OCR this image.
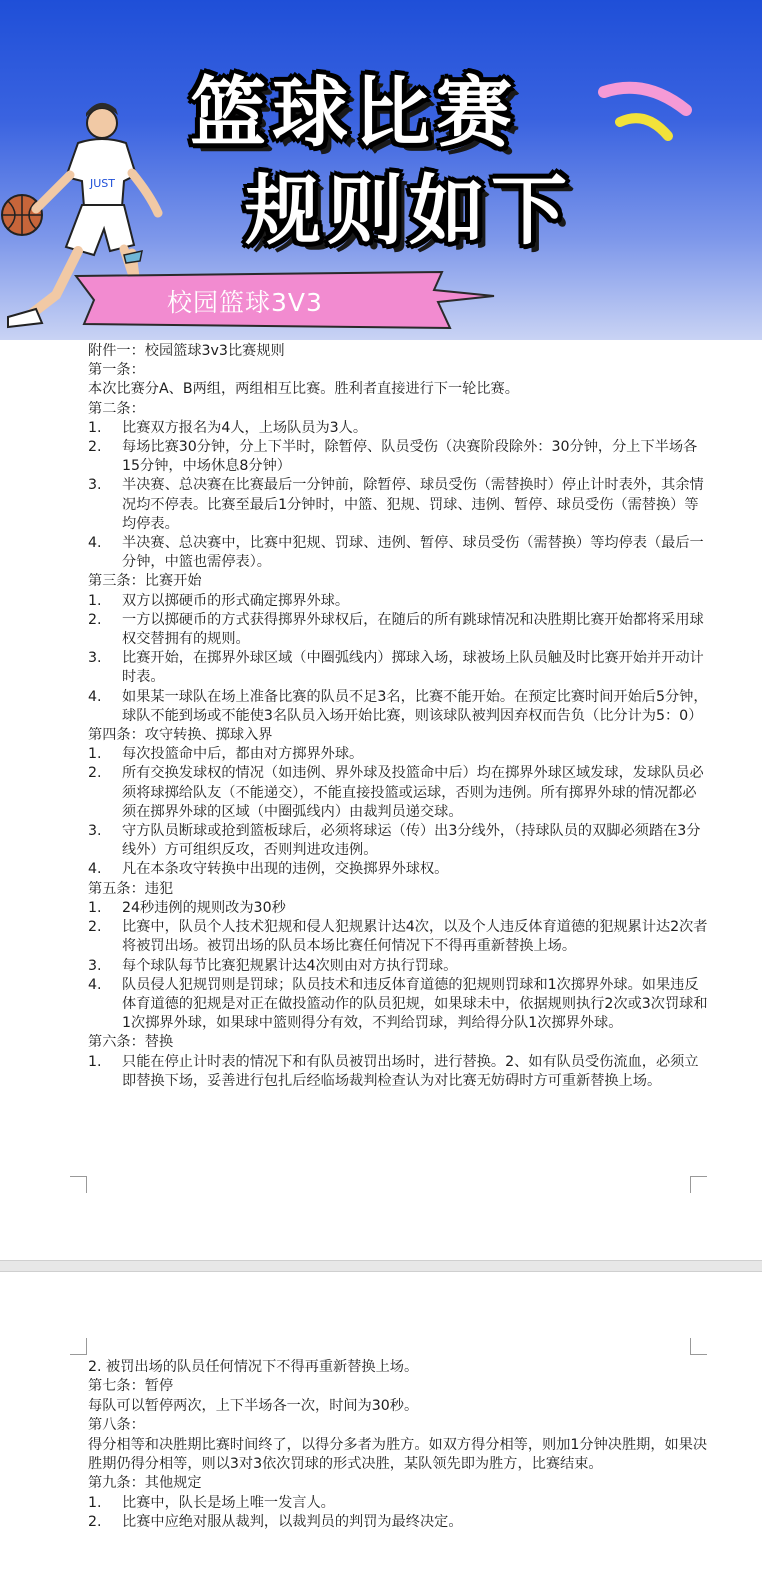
JUST
篮球比赛
规则如下
校园篮球3V3

附件一：校园篮球3v3比赛规则

第一条：

本次比赛分A、B两组，两组相互比赛。胜利者直接进行下一轮比赛。

第二条：

1.	比赛双方报名为4人，上场队员为3人。
2.	每场比赛30分钟，分上下半时，除暂停、队员受伤（决赛阶段除外：30分钟，分上下半场各15分钟，中场休息8分钟）
3.	半决赛、总决赛在比赛最后一分钟前，除暂停、球员受伤（需替换时）停止计时表外，其余情况均不停表。比赛至最后1分钟时，中篮、犯规、罚球、违例、暂停、球员受伤（需替换）等均停表。
4.	半决赛、总决赛中，比赛中犯规、罚球、违例、暂停、球员受伤（需替换）等均停表（最后一分钟，中篮也需停表）。

第三条：比赛开始

1.	双方以掷硬币的形式确定掷界外球。
2.	一方以掷硬币的方式获得掷界外球权后，在随后的所有跳球情况和决胜期比赛开始都将采用球权交替拥有的规则。
3.	比赛开始，在掷界外球区域（中圈弧线内）掷球入场，球被场上队员触及时比赛开始并开动计时表。
4.	如果某一球队在场上准备比赛的队员不足3名，比赛不能开始。在预定比赛时间开始后5分钟，球队不能到场或不能使3名队员入场开始比赛，则该球队被判因弃权而告负（比分计为5：0）

第四条：攻守转换、掷球入界

1.	每次投篮命中后，都由对方掷界外球。
2.	所有交换发球权的情况（如违例、界外球及投篮命中后）均在掷界外球区域发球，发球队员必须将球掷给队友（不能递交），不能直接投篮或运球，否则为违例。所有掷界外球的情况都必须在掷界外球的区域（中圈弧线内）由裁判员递交球。
3.	守方队员断球或抢到篮板球后，必须将球运（传）出3分线外，（持球队员的双脚必须踏在3分线外）方可组织反攻，否则判进攻违例。
4.	凡在本条攻守转换中出现的违例，交换掷界外球权。

第五条：违犯

1.	24秒违例的规则改为30秒
2.	比赛中，队员个人技术犯规和侵人犯规累计达4次，以及个人违反体育道德的犯规累计达2次者将被罚出场。被罚出场的队员本场比赛任何情况下不得再重新替换上场。
3.	每个球队每节比赛犯规累计达4次则由对方执行罚球。
4.	队员侵人犯规罚则是罚球；队员技术和违反体育道德的犯规则罚球和1次掷界外球。如果违反体育道德的犯规是对正在做投篮动作的队员犯规，如果球未中，依据规则执行2次或3次罚球和1次掷界外球，如果球中篮则得分有效，不判给罚球，判给得分队1次掷界外球。

第六条：替换

1.	只能在停止计时表的情况下和有队员被罚出场时，进行替换。2、如有队员受伤流血，必须立即替换下场，妥善进行包扎后经临场裁判检查认为对比赛无妨碍时方可重新替换上场。

2. 被罚出场的队员任何情况下不得再重新替换上场。

第七条：暂停

每队可以暂停两次，上下半场各一次，时间为30秒。

第八条：

得分相等和决胜期比赛时间终了，以得分多者为胜方。如双方得分相等，则加1分钟决胜期，如果决胜期仍得分相等，则以3对3依次罚球的形式决胜，某队领先即为胜方，比赛结束。

第九条：其他规定

1.	比赛中，队长是场上唯一发言人。
2.	比赛中应绝对服从裁判，以裁判员的判罚为最终决定。
